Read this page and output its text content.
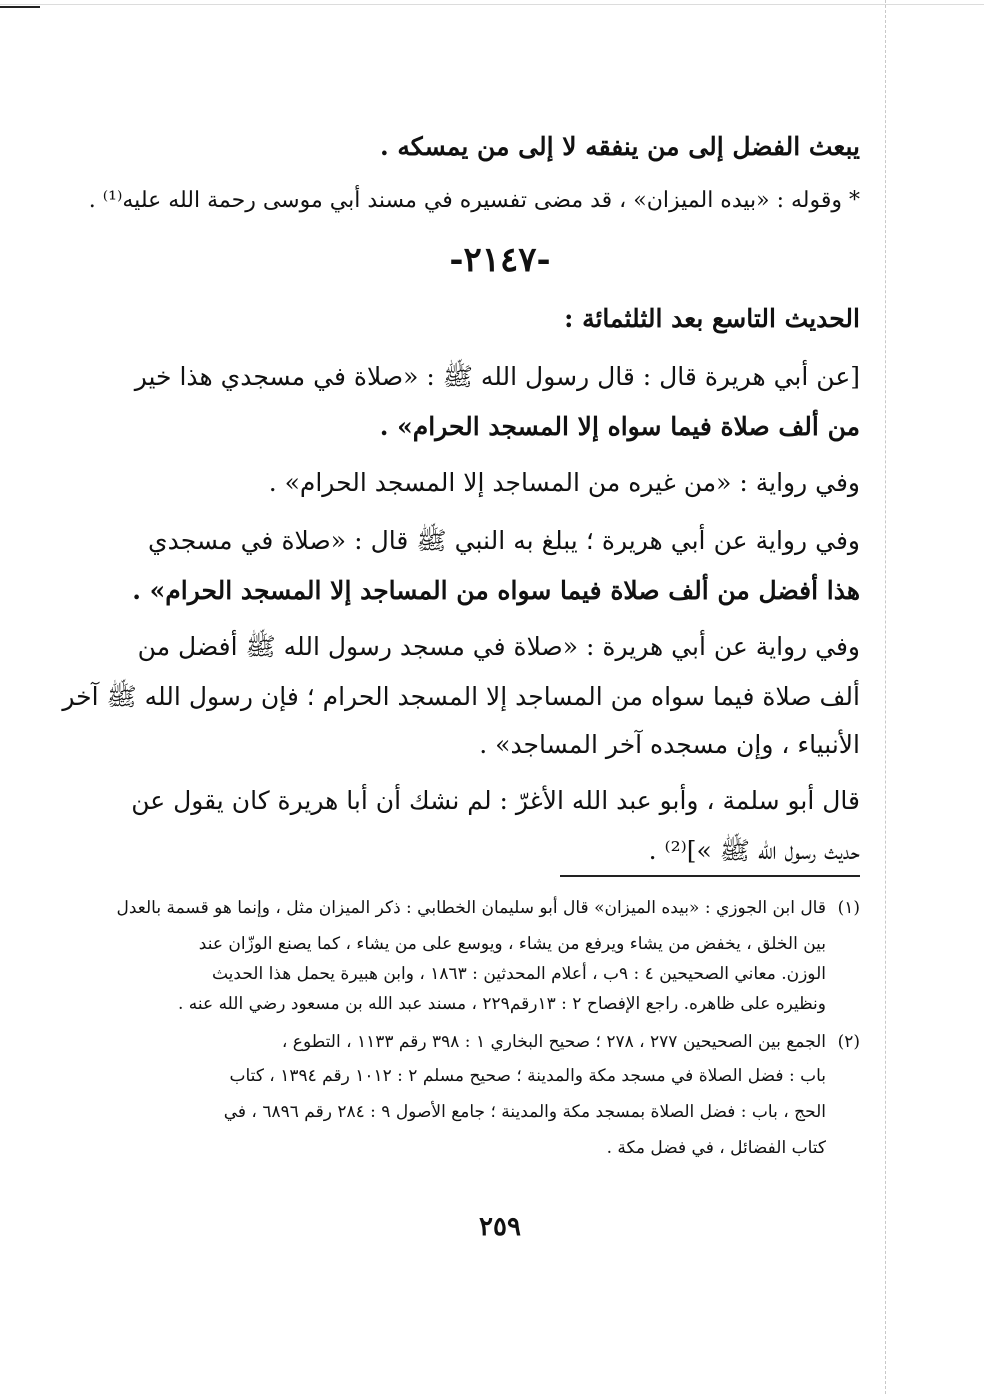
يبعث الفضل إلى من ينفقه لا إلى من يمسكه .
* وقوله : «بيده الميزان» ، قد مضى تفسيره في مسند أبي موسى رحمة الله عليه⁽¹⁾ .
-٢١٤٧-
الحديث التاسع بعد الثلثمائة :
[عن أبي هريرة قال : قال رسول الله ﷺ : «صلاة في مسجدي هذا خير
من ألف صلاة فيما سواه إلا المسجد الحرام» .
وفي رواية : «من غيره من المساجد إلا المسجد الحرام» .
وفي رواية عن أبي هريرة ؛ يبلغ به النبي ﷺ قال : «صلاة في مسجدي
هذا أفضل من ألف صلاة فيما سواه من المساجد إلا المسجد الحرام» .
وفي رواية عن أبي هريرة : «صلاة في مسجد رسول الله ﷺ أفضل من
ألف صلاة فيما سواه من المساجد إلا المسجد الحرام ؛ فإن رسول الله ﷺ آخر
الأنبياء ، وإن مسجده آخر المساجد» .
قال أبو سلمة ، وأبو عبد الله الأغرّ : لم نشك أن أبا هريرة كان يقول عن
حديث رسول الله ﷺ »]⁽²⁾ .
(١)قال ابن الجوزي : «بيده الميزان» قال أبو سليمان الخطابي : ذكر الميزان مثل ، وإنما هو قسمة بالعدل
بين الخلق ، يخفض من يشاء ويرفع من يشاء ، ويوسع على من يشاء ، كما يصنع الوزّان عند
الوزن. معاني الصحيحين ٤ : ٩ب ، أعلام المحدثين : ١٨٦٣ ، وابن هبيرة يحمل هذا الحديث
ونظيره على ظاهره. راجع الإفصاح ٢ : ١٣رقم٢٢٩ ، مسند عبد الله بن مسعود رضي الله عنه .
(٢)الجمع بين الصحيحين ٢٧٧ ، ٢٧٨ ؛ صحيح البخاري ١ : ٣٩٨ رقم ١١٣٣ ، التطوع ،
باب : فضل الصلاة في مسجد مكة والمدينة ؛ صحيح مسلم ٢ : ١٠١٢ رقم ١٣٩٤ ، كتاب
الحج ، باب : فضل الصلاة بمسجد مكة والمدينة ؛ جامع الأصول ٩ : ٢٨٤ رقم ٦٨٩٦ ، في
كتاب الفضائل ، في فضل مكة .
٢٥٩
